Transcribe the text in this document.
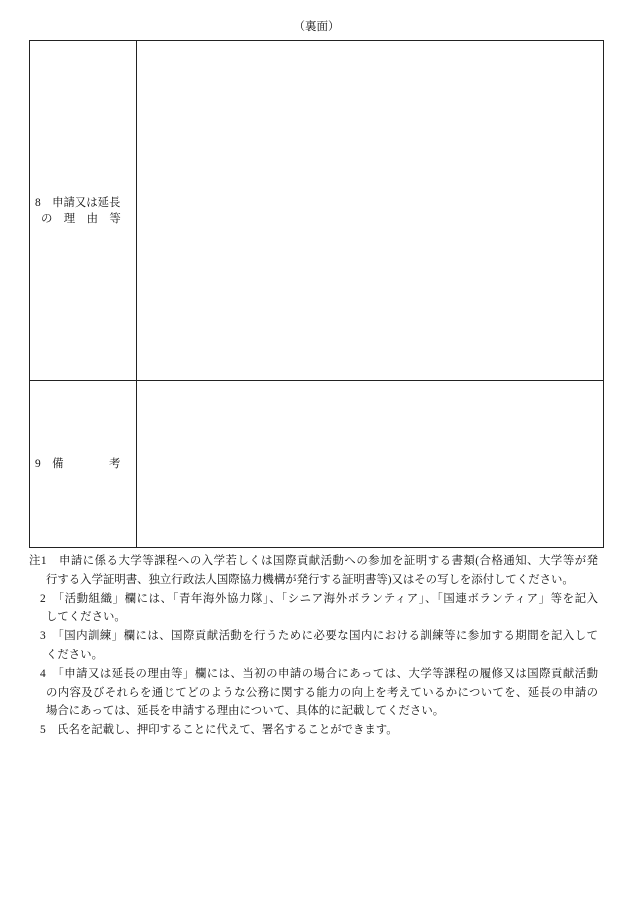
（裏面）
8　申請又は延長
の　理　由　等
9　備　　　　考
注1　申請に係る大学等課程への入学若しくは国際貢献活動への参加を証明する書類(合格通知、大学等が発
行する入学証明書、独立行政法人国際協力機構が発行する証明書等)又はその写しを添付してください。
2　「活動組織」欄には、「青年海外協力隊」、「シニア海外ボランティア」、「国連ボランティア」等を記入
してください。
3　「国内訓練」欄には、国際貢献活動を行うために必要な国内における訓練等に参加する期間を記入して
ください。
4　「申請又は延長の理由等」欄には、当初の申請の場合にあっては、大学等課程の履修又は国際貢献活動
の内容及びそれらを通じてどのような公務に関する能力の向上を考えているかについてを、延長の申請の
場合にあっては、延長を申請する理由について、具体的に記載してください。
5　氏名を記載し、押印することに代えて、署名することができます。
